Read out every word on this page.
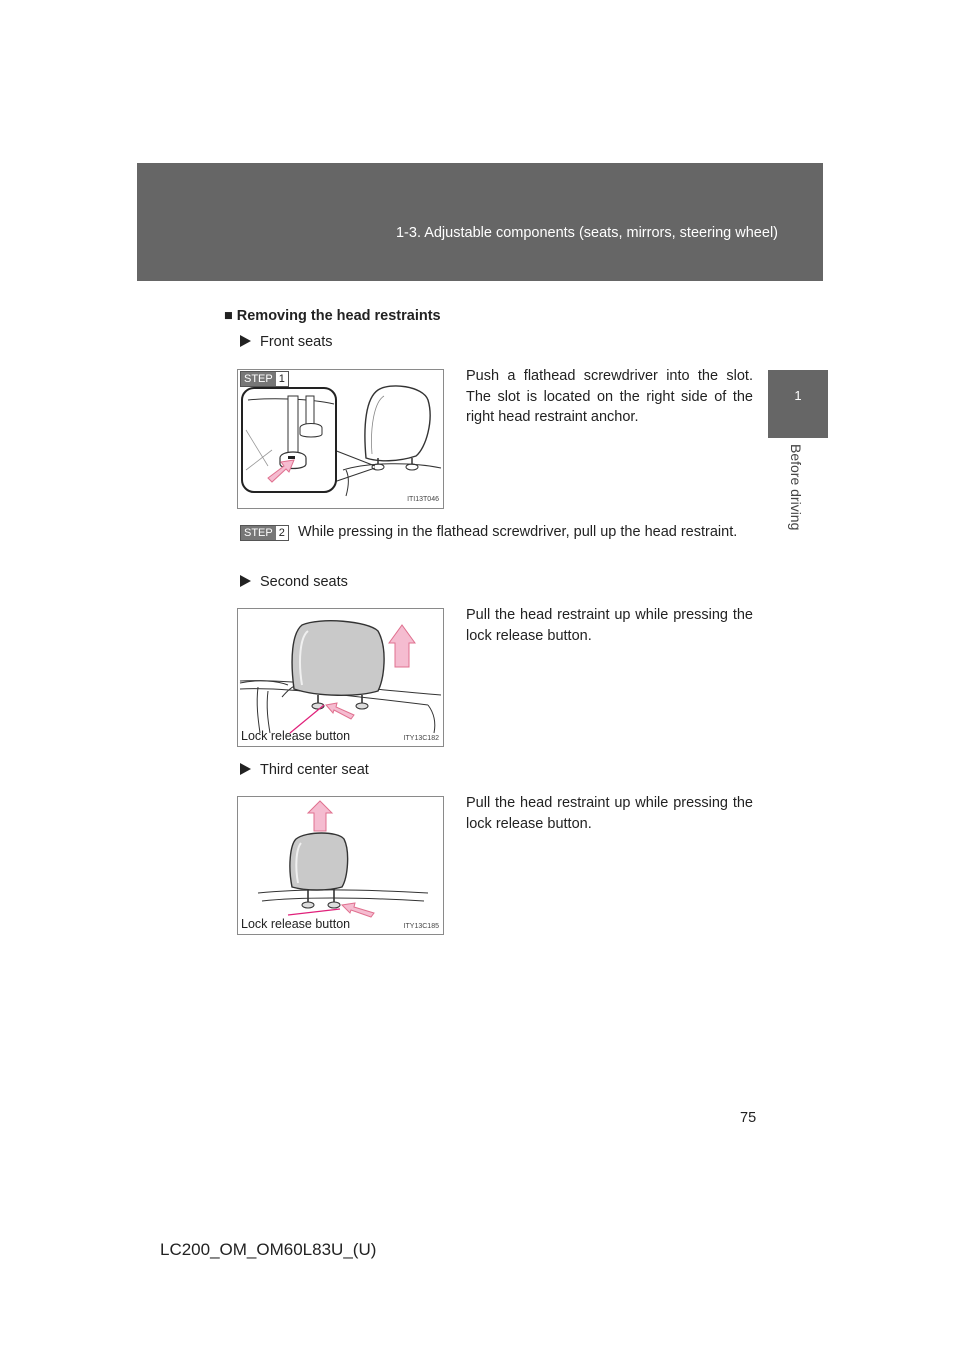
1-3. Adjustable components (seats, mirrors, steering wheel)
1
Before driving
■ Removing the head restraints
Front seats
ITI13T046
STEP 1	Push a flathead screwdriver into the slot. The slot is located on the right side of the right head restraint anchor.
STEP 2 While pressing in the flathead screwdriver, pull up the head restraint.
Second seats
Lock release button	ITY13C182
Pull the head restraint up while pressing the lock release button.
Third center seat
Lock release button	ITY13C185
Pull the head restraint up while pressing the lock release button.
75
LC200_OM_OM60L83U_(U)
